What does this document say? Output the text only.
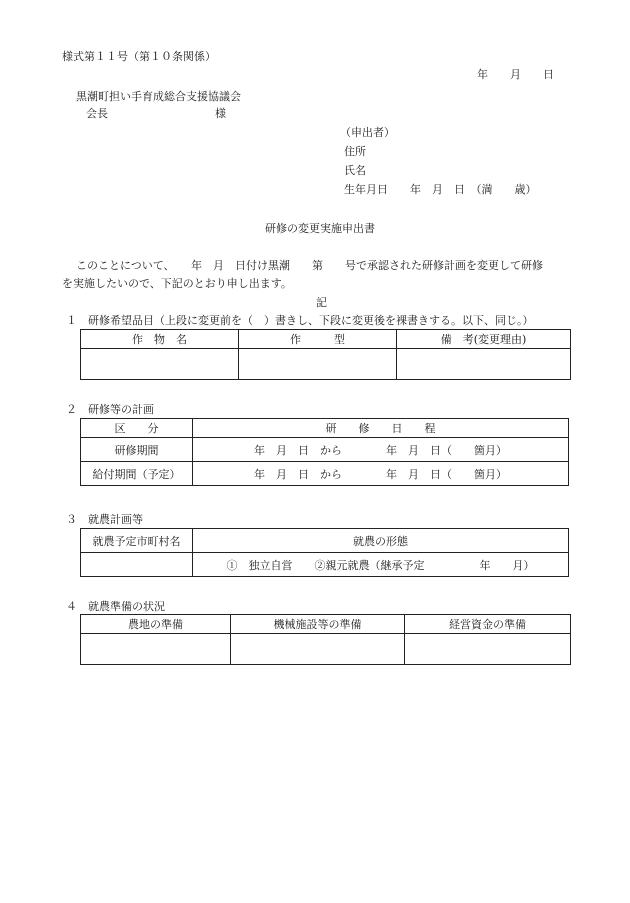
様式第１１号（第１０条関係）
年　　月　　日
黒潮町担い手育成総合支援協議会
会長	様
（申出者）
住所
氏名
生年月日　　年　月　日　（満　　歳）
研修の変更実施申出書
このことについて、　　年　月　日付け黒潮　　第　　号で承認された研修計画を変更して研修
を実施したいので、下記のとおり申し出ます。
記
１　研修希望品目（上段に変更前を（　）書きし、下段に変更後を裸書きする。以下、同じ。）
作　物　名	作　　　型	備　考(変更理由)

２　研修等の計画
区　　分	研　　修　　日　　程
研修期間	年　月　日　から　　　　年　月　日（　　箇月）
給付期間（予定）	年　月　日　から　　　　年　月　日（　　箇月）
３　就農計画等
就農予定市町村名	就農の形態
	①　独立自営　　②親元就農（継承予定　　　　　年　　月）
４　就農準備の状況
農地の準備	機械施設等の準備	経営資金の準備
